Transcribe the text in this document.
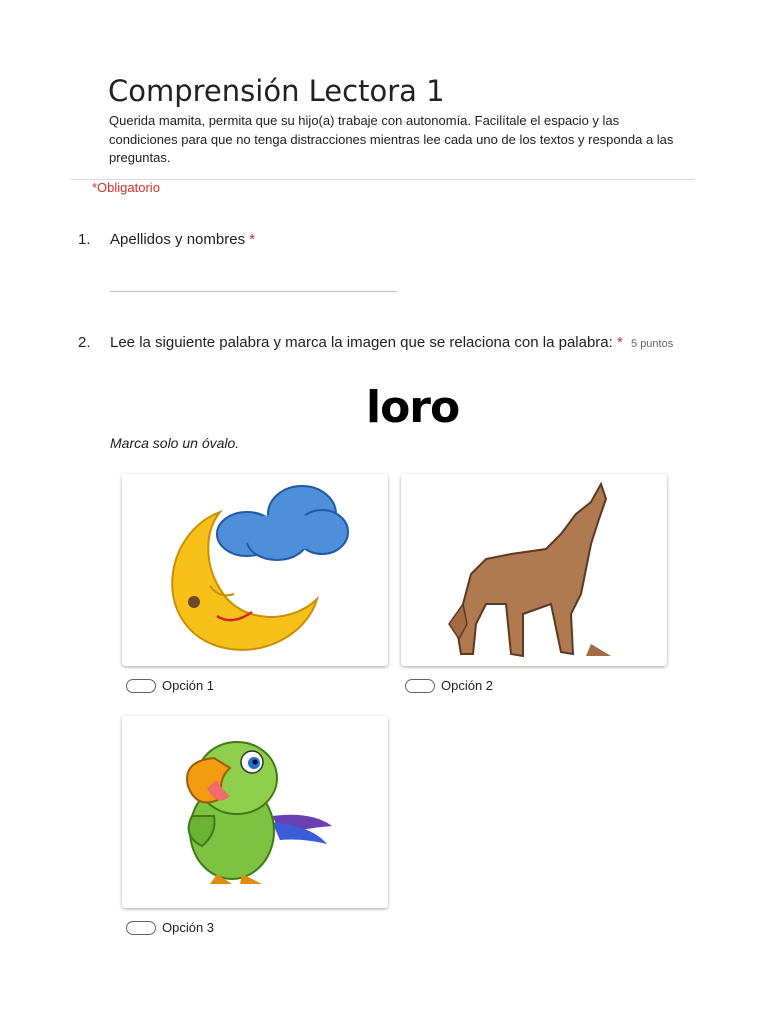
Comprensión Lectora 1
Querida mamita, permita que su hijo(a) trabaje con autonomía. Facilítale el espacio y las condiciones para que no tenga distracciones mientras lee cada uno de los textos y responda a las preguntas.
*Obligatorio
1. Apellidos y nombres *
2. Lee la siguiente palabra y marca la imagen que se relaciona con la palabra: * 5 puntos
loro
Marca solo un óvalo.
Opción 1	Opción 2
Opción 3
